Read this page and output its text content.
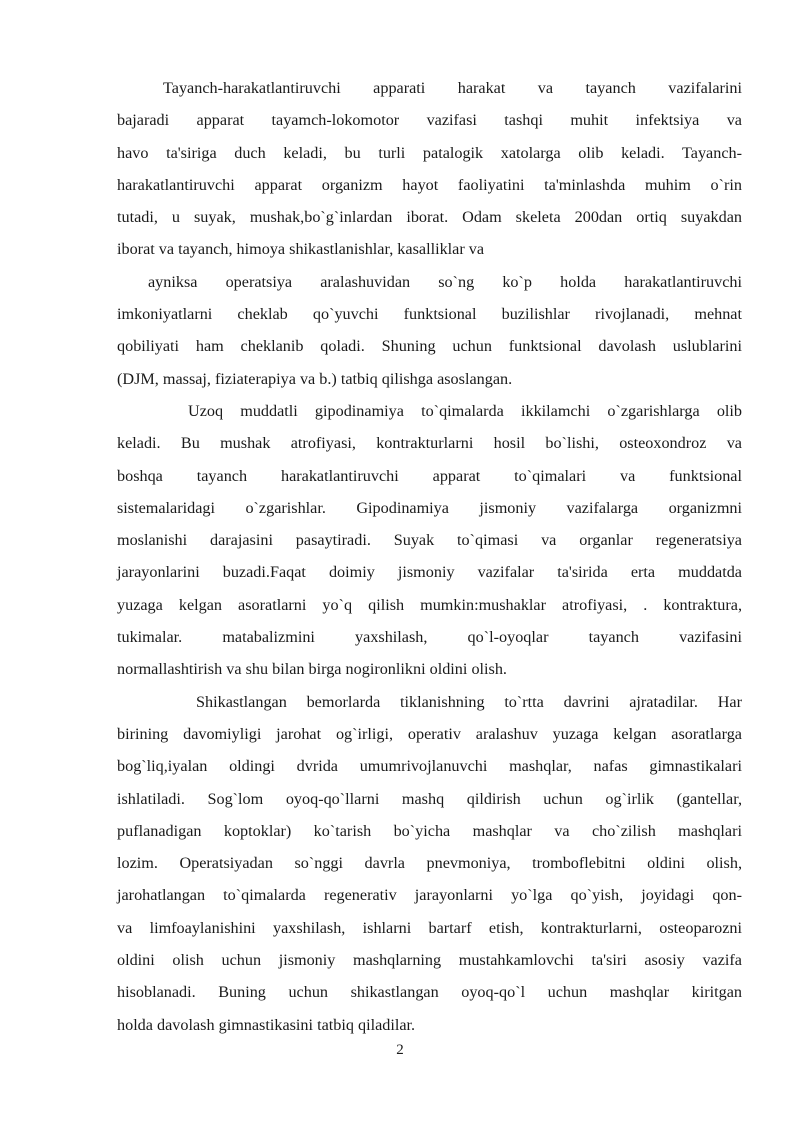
Tayanch-harakatlantiruvchi apparati harakat va tayanch vazifalarini
bajaradi apparat tayamch-lokomotor vazifasi tashqi muhit infektsiya va
havo ta'siriga duch keladi, bu turli patalogik xatolarga olib keladi. Tayanch-
harakatlantiruvchi apparat organizm hayot faoliyatini ta'minlashda muhim o`rin
tutadi, u suyak, mushak,bo`g`inlardan iborat. Odam skeleta 200dan ortiq suyakdan
iborat va tayanch, himoya shikastlanishlar, kasalliklar va
ayniksa operatsiya aralashuvidan so`ng ko`p holda harakatlantiruvchi
imkoniyatlarni cheklab qo`yuvchi funktsional buzilishlar rivojlanadi, mehnat
qobiliyati ham cheklanib qoladi. Shuning uchun funktsional davolash uslublarini
(DJM, massaj, fiziaterapiya va b.) tatbiq qilishga asoslangan.
Uzoq muddatli gipodinamiya to`qimalarda ikkilamchi o`zgarishlarga olib
keladi. Bu mushak atrofiyasi, kontrakturlarni hosil bo`lishi, osteoxondroz va
boshqa tayanch harakatlantiruvchi apparat to`qimalari va funktsional
sistemalaridagi o`zgarishlar. Gipodinamiya jismoniy vazifalarga organizmni
moslanishi darajasini pasaytiradi. Suyak to`qimasi va organlar regeneratsiya
jarayonlarini buzadi.Faqat doimiy jismoniy vazifalar ta'sirida erta muddatda
yuzaga kelgan asoratlarni yo`q qilish mumkin:mushaklar atrofiyasi, . kontraktura,
tukimalar. matabalizmini yaxshilash, qo`l-oyoqlar tayanch vazifasini
normallashtirish va shu bilan birga nogironlikni oldini olish.
Shikastlangan bemorlarda tiklanishning to`rtta davrini ajratadilar. Har
birining davomiyligi jarohat og`irligi, operativ aralashuv yuzaga kelgan asoratlarga
bog`liq,iyalan oldingi dvrida umumrivojlanuvchi mashqlar, nafas gimnastikalari
ishlatiladi. Sog`lom oyoq-qo`llarni mashq qildirish uchun og`irlik (gantellar,
puflanadigan koptoklar) ko`tarish bo`yicha mashqlar va cho`zilish mashqlari
lozim. Operatsiyadan so`nggi davrla pnevmoniya, tromboflebitni oldini olish,
jarohatlangan to`qimalarda regenerativ jarayonlarni yo`lga qo`yish, joyidagi qon-
va limfoaylanishini yaxshilash, ishlarni bartarf etish, kontrakturlarni, osteoparozni
oldini olish uchun jismoniy mashqlarning mustahkamlovchi ta'siri asosiy vazifa
hisoblanadi. Buning uchun shikastlangan oyoq-qo`l uchun mashqlar kiritgan
holda davolash gimnastikasini tatbiq qiladilar.
2
